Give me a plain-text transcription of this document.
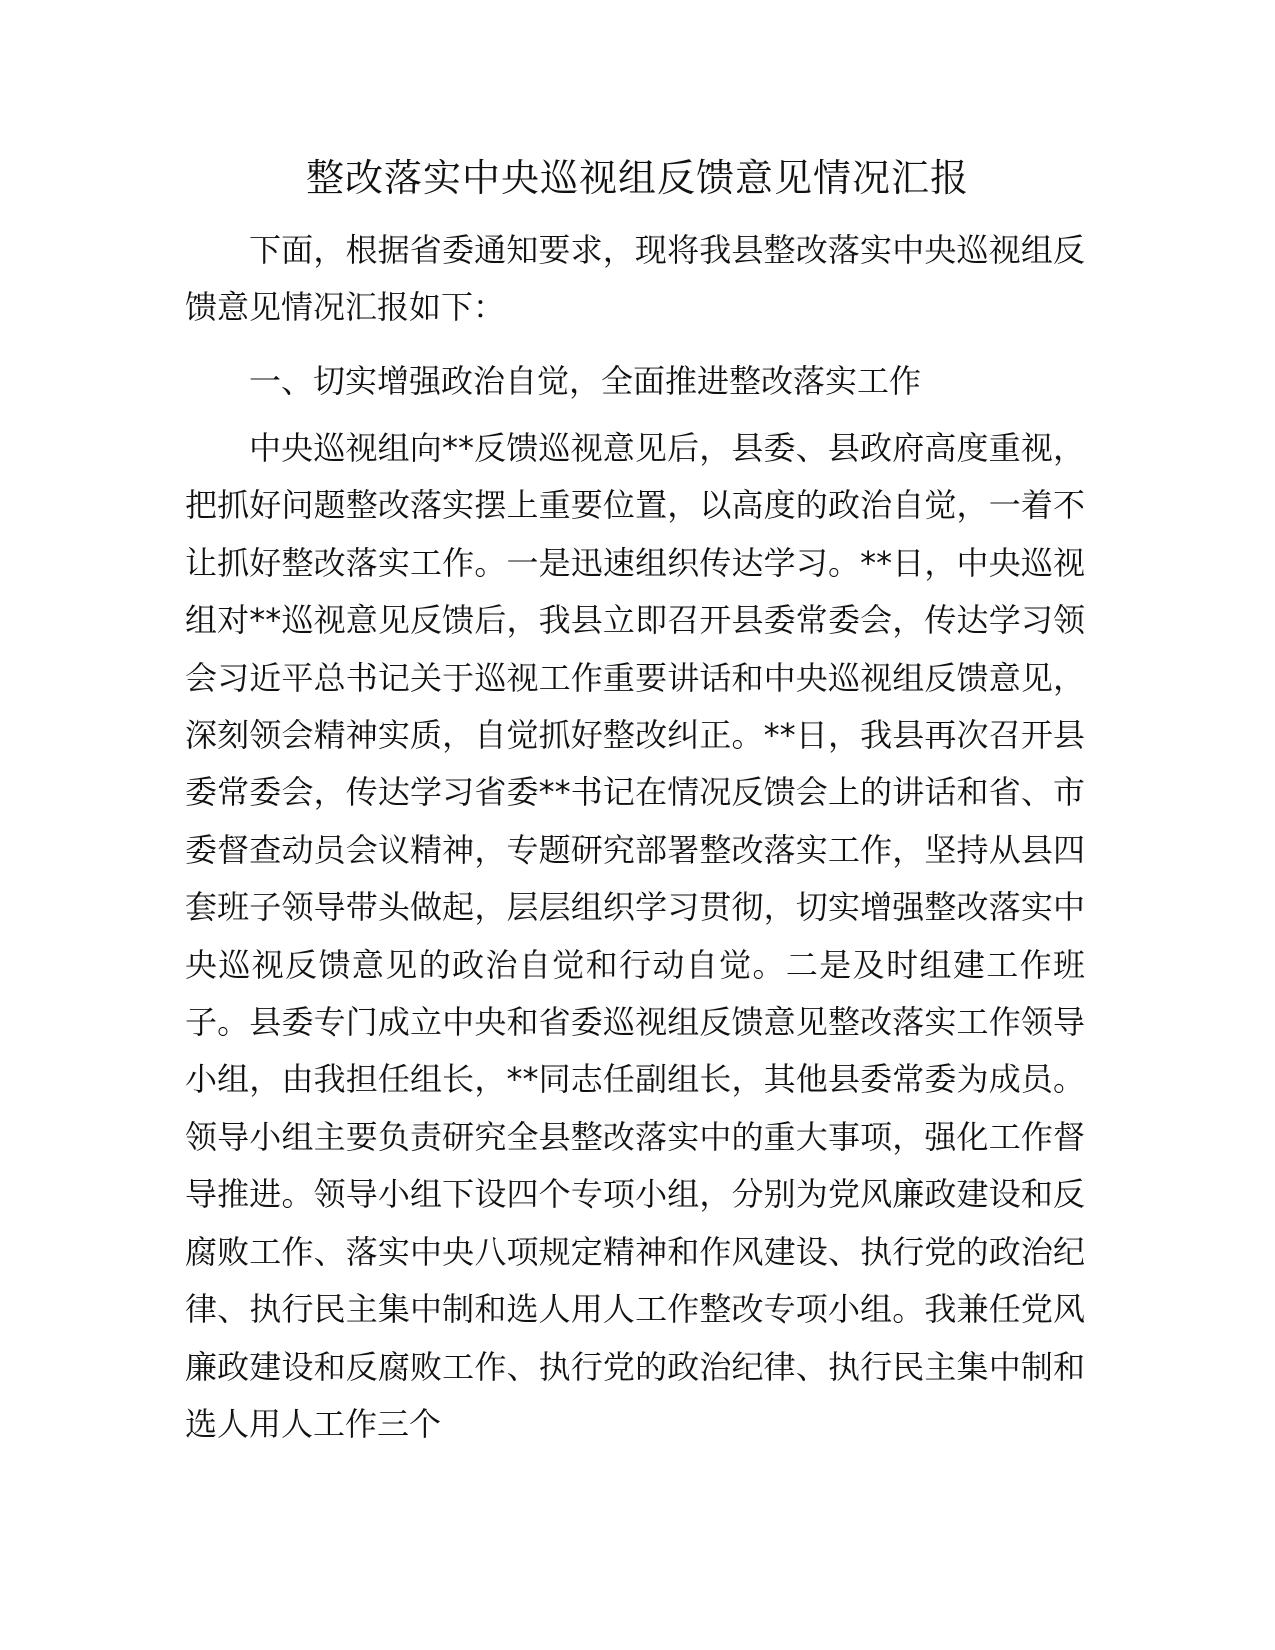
整改落实中央巡视组反馈意见情况汇报

下面，根据省委通知要求，现将我县整改落实中央巡视组反馈意见情况汇报如下：

一、切实增强政治自觉，全面推进整改落实工作

中央巡视组向**反馈巡视意见后，县委、县政府高度重视，把抓好问题整改落实摆上重要位置，以高度的政治自觉，一着不让抓好整改落实工作。一是迅速组织传达学习。**日，中央巡视组对**巡视意见反馈后，我县立即召开县委常委会，传达学习领会习近平总书记关于巡视工作重要讲话和中央巡视组反馈意见，深刻领会精神实质，自觉抓好整改纠正。**日，我县再次召开县委常委会，传达学习省委**书记在情况反馈会上的讲话和省、市委督查动员会议精神，专题研究部署整改落实工作，坚持从县四套班子领导带头做起，层层组织学习贯彻，切实增强整改落实中央巡视反馈意见的政治自觉和行动自觉。二是及时组建工作班子。县委专门成立中央和省委巡视组反馈意见整改落实工作领导小组，由我担任组长，**同志任副组长，其他县委常委为成员。领导小组主要负责研究全县整改落实中的重大事项，强化工作督导推进。领导小组下设四个专项小组，分别为党风廉政建设和反腐败工作、落实中央八项规定精神和作风建设、执行党的政治纪律、执行民主集中制和选人用人工作整改专项小组。我兼任党风廉政建设和反腐败工作、执行党的政治纪律、执行民主集中制和选人用人工作三个
